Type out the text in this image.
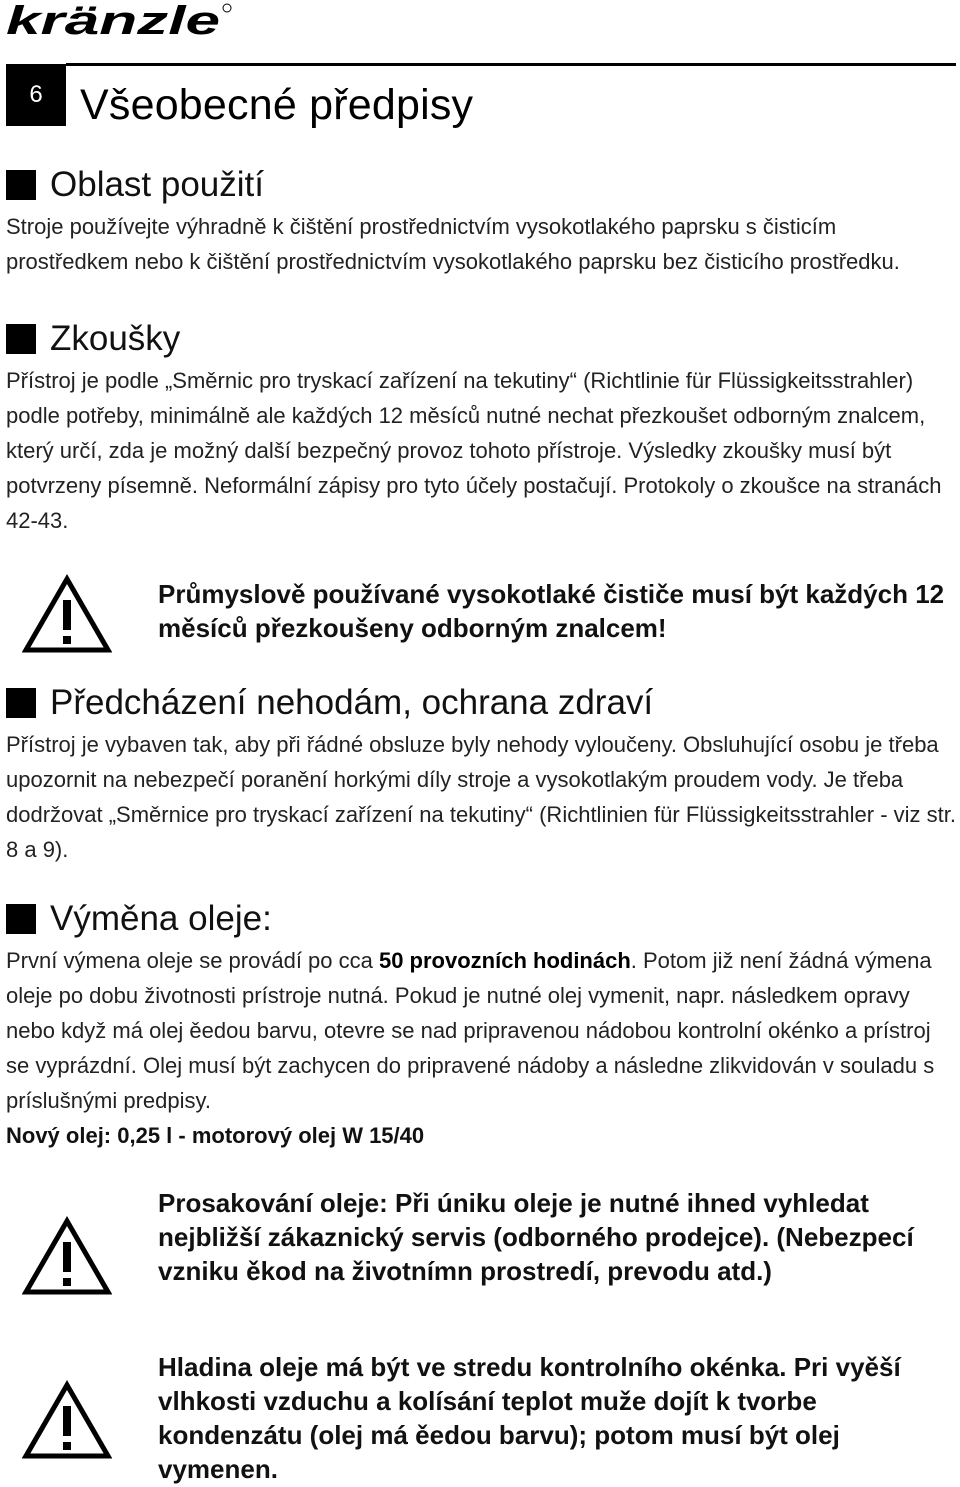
kränzle
6 Všeobecné předpisy
Oblast použití

Stroje používejte výhradně k čištění prostřednictvím vysokotlakého paprsku s čisticím prostředkem nebo k čištění prostřednictvím vysokotlakého paprsku bez čisticího prostředku.

Zkoušky

Přístroj je podle „Směrnic pro tryskací zařízení na tekutiny“ (Richtlinie für Flüssigkeitsstrahler) podle potřeby, minimálně ale každých 12 měsíců nutné nechat přezkoušet odborným znalcem, který určí, zda je možný další bezpečný provoz tohoto přístroje. Výsledky zkoušky musí být potvrzeny písemně. Neformální zápisy pro tyto účely postačují. Protokoly o zkoušce na stranách 42-43.

Průmyslově používané vysokotlaké čističe musí být každých 12 měsíců přezkoušeny odborným znalcem!

Předcházení nehodám, ochrana zdraví

Přístroj je vybaven tak, aby při řádné obsluze byly nehody vyloučeny. Obsluhující osobu je třeba upozornit na nebezpečí poranění horkými díly stroje a vysokotlakým proudem vody. Je třeba dodržovat „Směrnice pro tryskací zařízení na tekutiny“ (Richtlinien für Flüssigkeitsstrahler - viz str. 8 a 9).

Výměna oleje:

První výmena oleje se provádí po cca 50 provozních hodinách. Potom již není žádná výmena oleje po dobu životnosti prístroje nutná. Pokud je nutné olej vymenit, napr. následkem opravy nebo když má olej ěedou barvu, otevre se nad pripravenou nádobou kontrolní okénko a prístroj se vyprázdní. Olej musí být zachycen do pripravené nádoby a následne zlikvidován v souladu s príslušnými predpisy.

Nový olej: 0,25 l - motorový olej W 15/40

Prosakování oleje: Při úniku oleje je nutné ihned vyhledat nejbližší zákaznický servis (odborného prodejce). (Nebezpecí vzniku ěkod na životnímn prostredí, prevodu atd.)

Hladina oleje má být ve stredu kontrolního okénka. Pri vyěší vlhkosti vzduchu a kolísání teplot muže dojít k tvorbe kondenzátu (olej má ěedou barvu); potom musí být olej vymenen.
